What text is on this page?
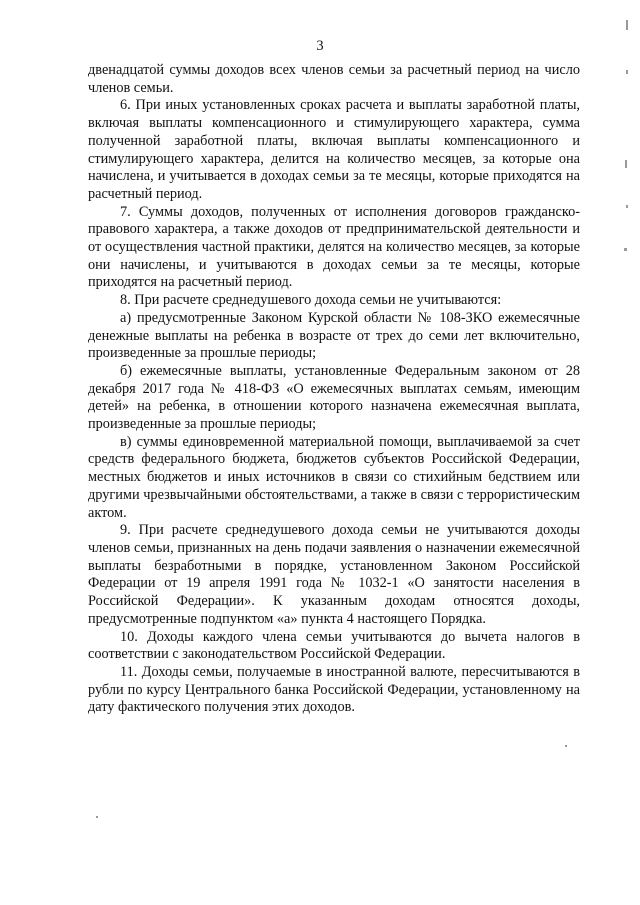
3

двенадцатой суммы доходов всех членов семьи за расчетный период на число членов семьи.

6. При иных установленных сроках расчета и выплаты заработной платы, включая выплаты компенсационного и стимулирующего характера, сумма полученной заработной платы, включая выплаты компенсационного и стимулирующего характера, делится на количество месяцев, за которые она начислена, и учитывается в доходах семьи за те месяцы, которые приходятся на расчетный период.

7. Суммы доходов, полученных от исполнения договоров гражданско-правового характера, а также доходов от предпринимательской деятельности и от осуществления частной практики, делятся на количество месяцев, за которые они начислены, и учитываются в доходах семьи за те месяцы, которые приходятся на расчетный период.

8. При расчете среднедушевого дохода семьи не учитываются:

а) предусмотренные Законом Курской области № 108-ЗКО ежемесячные денежные выплаты на ребенка в возрасте от трех до семи лет включительно, произведенные за прошлые периоды;

б) ежемесячные выплаты, установленные Федеральным законом от 28 декабря 2017 года № 418-ФЗ «О ежемесячных выплатах семьям, имеющим детей» на ребенка, в отношении которого назначена ежемесячная выплата, произведенные за прошлые периоды;

в) суммы единовременной материальной помощи, выплачиваемой за счет средств федерального бюджета, бюджетов субъектов Российской Федерации, местных бюджетов и иных источников в связи со стихийным бедствием или другими чрезвычайными обстоятельствами, а также в связи с террористическим актом.

9. При расчете среднедушевого дохода семьи не учитываются доходы членов семьи, признанных на день подачи заявления о назначении ежемесячной выплаты безработными в порядке, установленном Законом Российской Федерации от 19 апреля 1991 года № 1032-1 «О занятости населения в Российской Федерации». К указанным доходам относятся доходы, предусмотренные подпунктом «а» пункта 4 настоящего Порядка.

10. Доходы каждого члена семьи учитываются до вычета налогов в соответствии с законодательством Российской Федерации.

11. Доходы семьи, получаемые в иностранной валюте, пересчитываются в рубли по курсу Центрального банка Российской Федерации, установленному на дату фактического получения этих доходов.
